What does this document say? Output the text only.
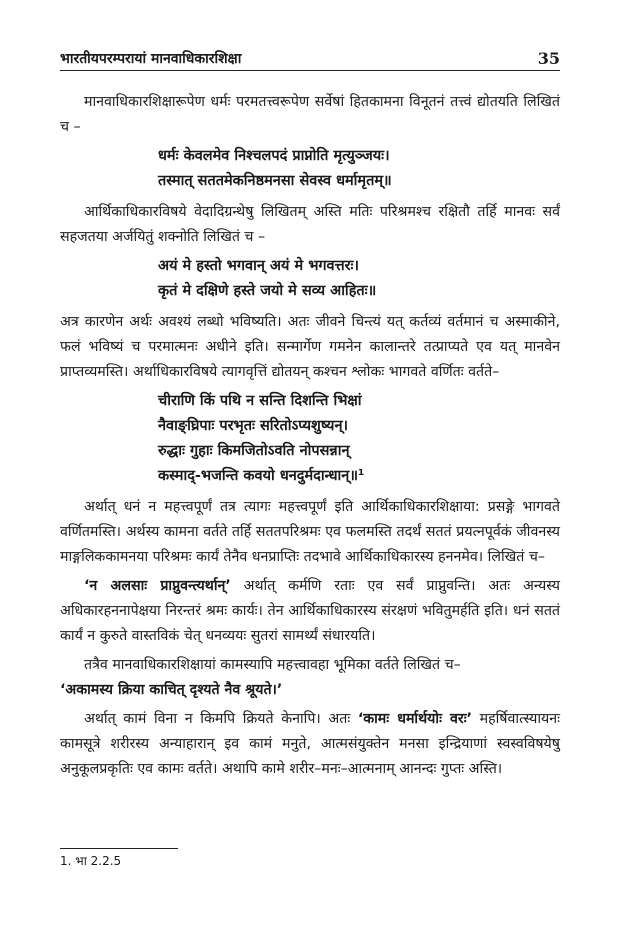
भारतीयपरम्परायां मानवाधिकारशिक्षा	35

मानवाधिकारशिक्षारूपेण धर्मः परमतत्त्वरूपेण सर्वेषां हितकामना विनूतनं तत्त्वं द्योतयति लिखितं च –

धर्मः केवलमेव निश्चलपदं प्राप्नोति मृत्युञ्जयः।
तस्मात् सततमेकनिष्ठमनसा सेवस्व धर्मामृतम्॥

आर्थिकाधिकारविषये वेदादिग्रन्थेषु लिखितम् अस्ति मतिः परिश्रमश्च रक्षितौ तर्हि मानवः सर्वं सहजतया अर्जयितुं शक्नोति लिखितं च –

अयं मे हस्तो भगवान् अयं मे भगवत्तरः।
कृतं मे दक्षिणे हस्ते जयो मे सव्य आहितः॥

अत्र कारणेन अर्थः अवश्यं लब्धो भविष्यति। अतः जीवने चिन्त्यं यत् कर्तव्यं वर्तमानं च अस्माकीने, फलं भविष्यं च परमात्मनः अधीने इति। सन्मार्गेण गमनेन कालान्तरे तत्प्राप्यते एव यत् मानवेन प्राप्तव्यमस्ति। अर्थाधिकारविषये त्यागवृत्तिं द्योतयन् कश्चन श्लोकः भागवते वर्णितः वर्तते–

चीराणि किं पथि न सन्ति दिशन्ति भिक्षां
नैवाङ्घ्रिपाः परभृतः सरितोऽप्यशुष्यन्।
रुद्धाः गुहाः किमजितोऽवति नोपसन्नान्
कस्माद्-भजन्ति कवयो धनदुर्मदान्धान्॥¹

अर्थात् धनं न महत्त्वपूर्णं तत्र त्यागः महत्त्वपूर्णं इति आर्थिकाधिकारशिक्षाया: प्रसङ्गे भागवते वर्णितमस्ति। अर्थस्य कामना वर्तते तर्हि सततपरिश्रमः एव फलमस्ति तदर्थं सततं प्रयत्नपूर्वकं जीवनस्य माङ्गलिककामनया परिश्रमः कार्यं तेनैव धनप्राप्तिः तदभावे आर्थिकाधिकारस्य हननमेव। लिखितं च–

‘न अलसाः प्राप्नुवन्त्यर्थान्’ अर्थात् कर्मणि रताः एव सर्वं प्राप्नुवन्ति। अतः अन्यस्य अधिकारहननापेक्षया निरन्तरं श्रमः कार्यः। तेन आर्थिकाधिकारस्य संरक्षणं भवितुमर्हति इति। धनं सततं कार्यं न कुरुते वास्तविकं चेत् धनव्ययः सुतरां सामर्थ्यं संधारयति।

तत्रैव मानवाधिकारशिक्षायां कामस्यापि महत्त्वावहा भूमिका वर्तते लिखितं च–
‘अकामस्य क्रिया काचित् दृश्यते नैव श्रूयते।’

अर्थात् कामं विना न किमपि क्रियते केनापि। अतः ‘कामः धर्मार्थयोः वरः’ महर्षिवात्स्यायनः कामसूत्रे शरीरस्य अन्याहारान् इव कामं मनुते, आत्मसंयुक्तेन मनसा इन्द्रियाणां स्वस्वविषयेषु अनुकूलप्रकृतिः एव कामः वर्तते। अथापि कामे शरीर–मनः–आत्मनाम् आनन्दः गुप्तः अस्ति।

1. भा 2.2.5
